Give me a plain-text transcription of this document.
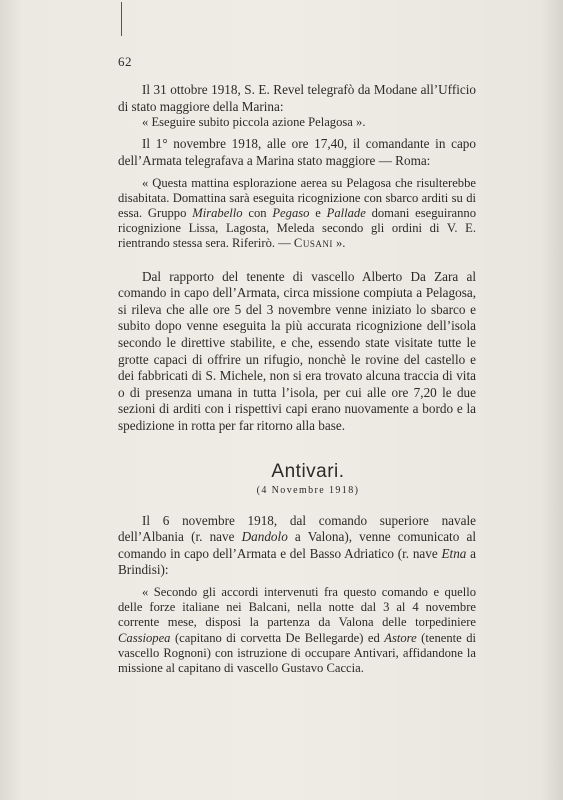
62

Il 31 ottobre 1918, S. E. Revel telegrafò da Modane all’Ufficio di stato maggiore della Marina:

« Eseguire subito piccola azione Pelagosa ».

Il 1° novembre 1918, alle ore 17,40, il comandante in capo dell’Armata telegrafava a Marina stato maggiore — Roma:

« Questa mattina esplorazione aerea su Pelagosa che risulterebbe disabitata. Domattina sarà eseguita ricognizione con sbarco arditi su di essa. Gruppo Mirabello con Pegaso e Pallade domani eseguiranno ricognizione Lissa, Lagosta, Meleda secondo gli ordini di V. E. rientrando stessa sera. Riferirò. — Cusani ».

Dal rapporto del tenente di vascello Alberto Da Zara al comando in capo dell’Armata, circa missione compiuta a Pelagosa, si rileva che alle ore 5 del 3 novembre venne iniziato lo sbarco e subito dopo venne eseguita la più accurata ricognizione dell’isola secondo le direttive stabilite, e che, essendo state visitate tutte le grotte capaci di offrire un rifugio, nonchè le rovine del castello e dei fabbricati di S. Michele, non si era trovato alcuna traccia di vita o di presenza umana in tutta l’isola, per cui alle ore 7,20 le due sezioni di arditi con i rispettivi capi erano nuovamente a bordo e la spedizione in rotta per far ritorno alla base.

Antivari.
(4 Novembre 1918)

Il 6 novembre 1918, dal comando superiore navale dell’Albania (r. nave Dandolo a Valona), venne comunicato al comando in capo dell’Armata e del Basso Adriatico (r. nave Etna a Brindisi):

« Secondo gli accordi intervenuti fra questo comando e quello delle forze italiane nei Balcani, nella notte dal 3 al 4 novembre corrente mese, disposi la partenza da Valona delle torpediniere Cassiopea (capitano di corvetta De Bellegarde) ed Astore (tenente di vascello Rognoni) con istruzione di occupare Antivari, affidandone la missione al capitano di vascello Gustavo Caccia.
